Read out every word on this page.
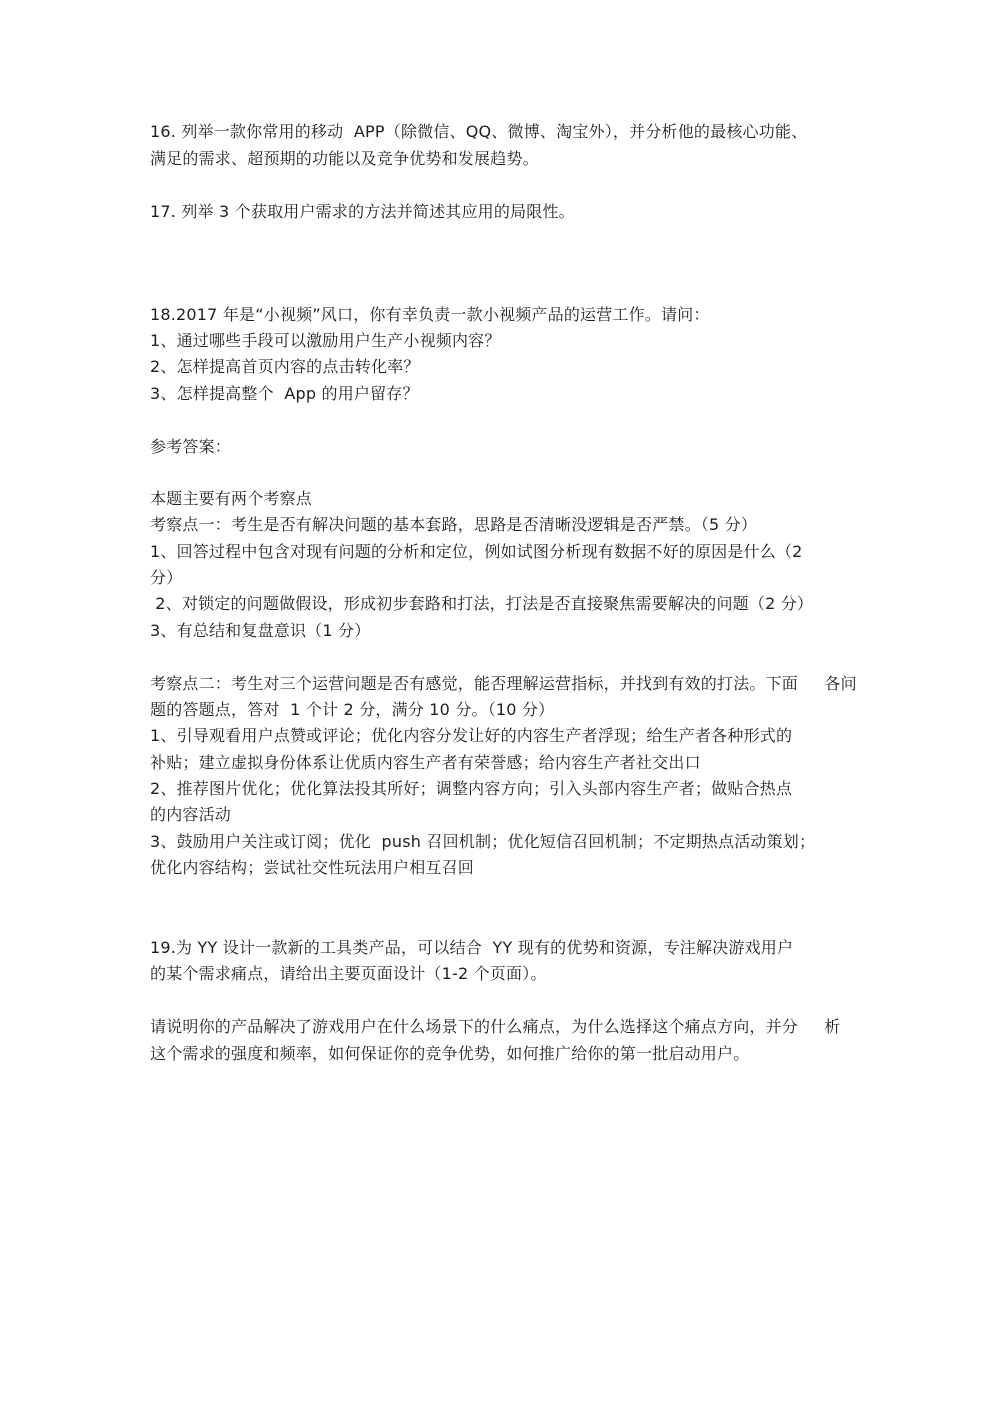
16. 列举一款你常用的移动  APP（除微信、QQ、微博、淘宝外），并分析他的最核心功能、
满足的需求、超预期的功能以及竞争优势和发展趋势。
17. 列举 3 个获取用户需求的方法并简述其应用的局限性。
18.2017 年是“小视频”风口，你有幸负责一款小视频产品的运营工作。请问：
1、通过哪些手段可以激励用户生产小视频内容？
2、怎样提高首页内容的点击转化率？
3、怎样提高整个  App 的用户留存？
参考答案：
本题主要有两个考察点
考察点一：考生是否有解决问题的基本套路，思路是否清晰没逻辑是否严禁。（5 分）
1、回答过程中包含对现有问题的分析和定位，例如试图分析现有数据不好的原因是什么（2
分）
2、对锁定的问题做假设，形成初步套路和打法，打法是否直接聚焦需要解决的问题（2 分）
3、有总结和复盘意识（1 分）
考察点二：考生对三个运营问题是否有感觉，能否理解运营指标，并找到有效的打法。下面     各问
题的答题点，答对  1 个计 2 分，满分 10 分。（10 分）
1、引导观看用户点赞或评论；优化内容分发让好的内容生产者浮现；给生产者各种形式的
补贴；建立虚拟身份体系让优质内容生产者有荣誉感；给内容生产者社交出口
2、推荐图片优化；优化算法投其所好；调整内容方向；引入头部内容生产者；做贴合热点
的内容活动
3、鼓励用户关注或订阅；优化  push 召回机制；优化短信召回机制；不定期热点活动策划；
优化内容结构；尝试社交性玩法用户相互召回
19.为 YY 设计一款新的工具类产品，可以结合  YY 现有的优势和资源，专注解决游戏用户
的某个需求痛点，请给出主要页面设计（1-2 个页面）。
请说明你的产品解决了游戏用户在什么场景下的什么痛点，为什么选择这个痛点方向，并分     析
这个需求的强度和频率，如何保证你的竞争优势，如何推广给你的第一批启动用户。
